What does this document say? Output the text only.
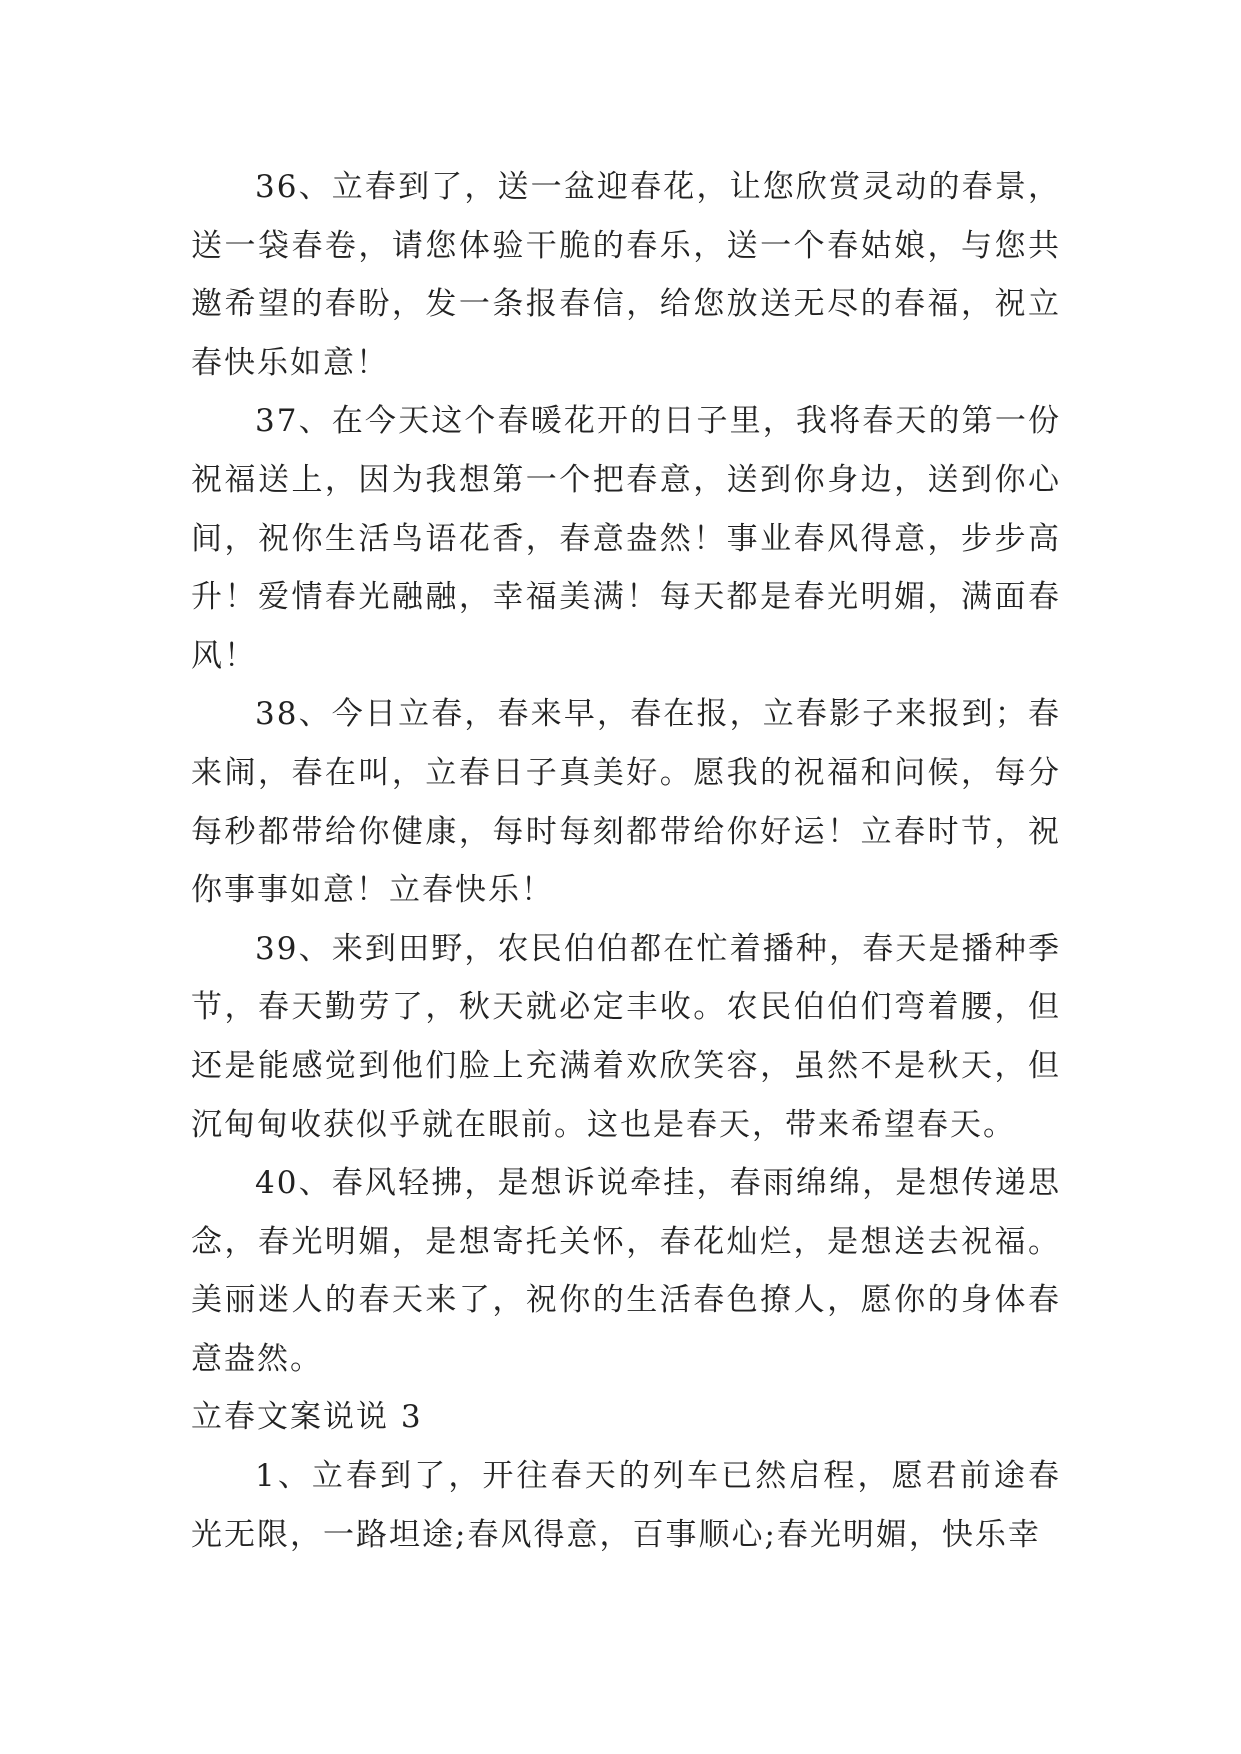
36、立春到了，送一盆迎春花，让您欣赏灵动的春景，送一袋春卷，请您体验干脆的春乐，送一个春姑娘，与您共邀希望的春盼，发一条报春信，给您放送无尽的春福，祝立春快乐如意！

37、在今天这个春暖花开的日子里，我将春天的第一份祝福送上，因为我想第一个把春意，送到你身边，送到你心间，祝你生活鸟语花香，春意盎然！事业春风得意，步步高升！爱情春光融融，幸福美满！每天都是春光明媚，满面春风！

38、今日立春，春来早，春在报，立春影子来报到；春来闹，春在叫，立春日子真美好。愿我的祝福和问候，每分每秒都带给你健康，每时每刻都带给你好运！立春时节，祝你事事如意！立春快乐！

39、来到田野，农民伯伯都在忙着播种，春天是播种季节，春天勤劳了，秋天就必定丰收。农民伯伯们弯着腰，但还是能感觉到他们脸上充满着欢欣笑容，虽然不是秋天，但沉甸甸收获似乎就在眼前。这也是春天，带来希望春天。

40、春风轻拂，是想诉说牵挂，春雨绵绵，是想传递思念，春光明媚，是想寄托关怀，春花灿烂，是想送去祝福。美丽迷人的春天来了，祝你的生活春色撩人，愿你的身体春意盎然。

立春文案说说 3

1、立春到了，开往春天的列车已然启程，愿君前途春光无限，一路坦途;春风得意，百事顺心;春光明媚，快乐幸
